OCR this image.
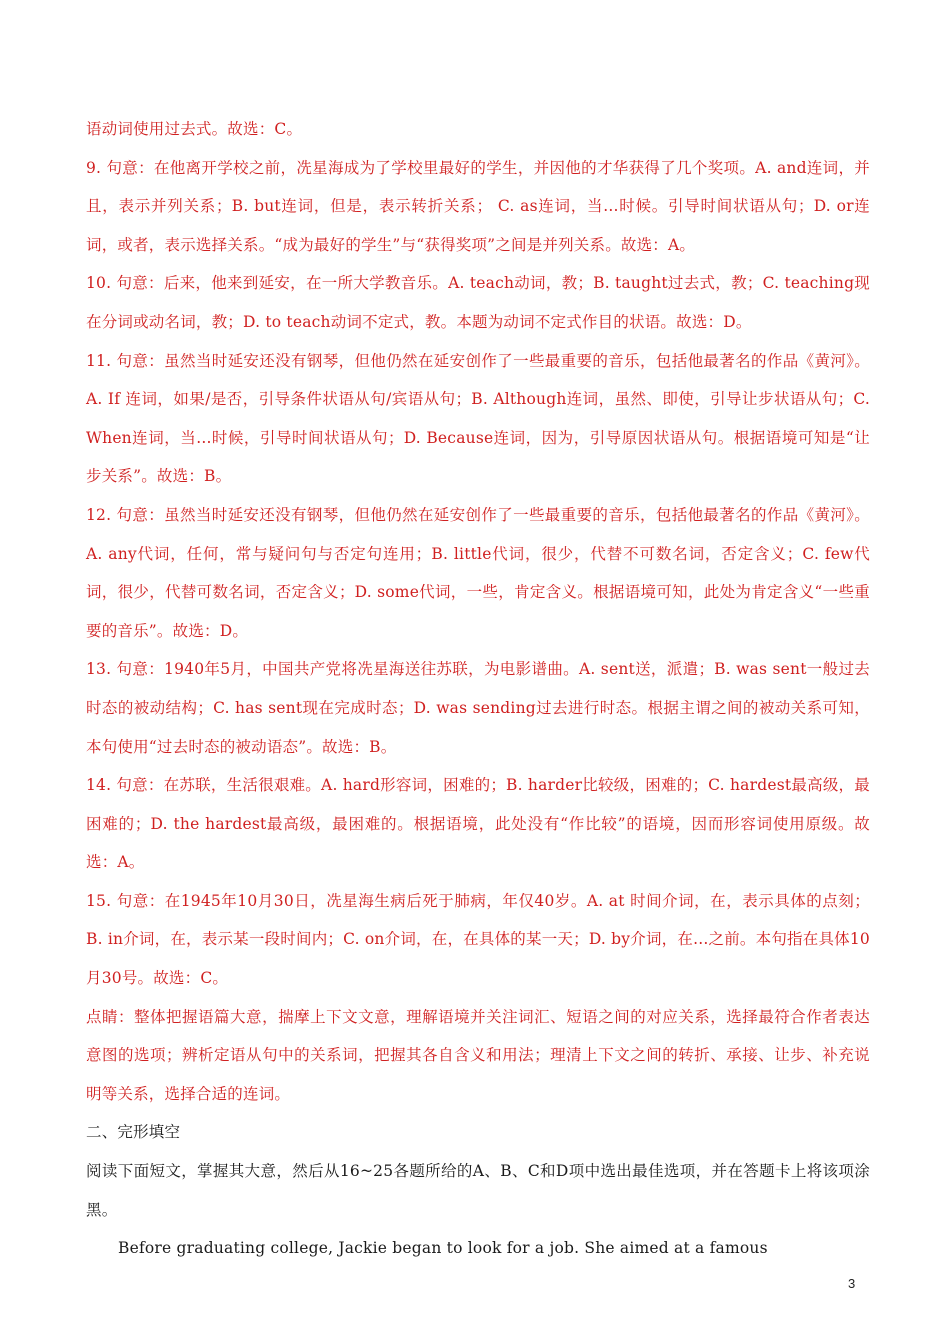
语动词使用过去式。故选：C。

9. 句意：在他离开学校之前，冼星海成为了学校里最好的学生，并因他的才华获得了几个奖项。A. and连词，并且，表示并列关系；B. but连词，但是，表示转折关系； C. as连词，当...时候。引导时间状语从句；D. or连词，或者，表示选择关系。“成为最好的学生”与“获得奖项”之间是并列关系。故选：A。

10. 句意：后来，他来到延安，在一所大学教音乐。A. teach动词，教；B. taught过去式，教；C. teaching现在分词或动名词，教；D. to teach动词不定式，教。本题为动词不定式作目的状语。故选：D。

11. 句意：虽然当时延安还没有钢琴，但他仍然在延安创作了一些最重要的音乐，包括他最著名的作品《黄河》。A. If 连词，如果/是否，引导条件状语从句/宾语从句；B. Although连词，虽然、即使，引导让步状语从句；C. When连词，当...时候，引导时间状语从句；D. Because连词，因为，引导原因状语从句。根据语境可知是“让步关系”。故选：B。

12. 句意：虽然当时延安还没有钢琴，但他仍然在延安创作了一些最重要的音乐，包括他最著名的作品《黄河》。A. any代词，任何，常与疑问句与否定句连用；B. little代词，很少，代替不可数名词，否定含义；C. few代词，很少，代替可数名词，否定含义；D. some代词，一些，肯定含义。根据语境可知，此处为肯定含义“一些重要的音乐”。故选：D。

13. 句意：1940年5月，中国共产党将冼星海送往苏联，为电影谱曲。A. sent送，派遣；B. was sent一般过去时态的被动结构；C. has sent现在完成时态；D. was sending过去进行时态。根据主谓之间的被动关系可知，本句使用“过去时态的被动语态”。故选：B。

14. 句意：在苏联，生活很艰难。A. hard形容词，困难的；B. harder比较级，困难的；C. hardest最高级，最困难的；D. the hardest最高级，最困难的。根据语境，此处没有“作比较”的语境，因而形容词使用原级。故选：A。

15. 句意：在1945年10月30日，冼星海生病后死于肺病，年仅40岁。A. at 时间介词，在，表示具体的点刻；B. in介词，在，表示某一段时间内；C. on介词，在，在具体的某一天；D. by介词，在...之前。本句指在具体10月30号。故选：C。

点睛：整体把握语篇大意，揣摩上下文文意，理解语境并关注词汇、短语之间的对应关系，选择最符合作者表达意图的选项；辨析定语从句中的关系词，把握其各自含义和用法；理清上下文之间的转折、承接、让步、补充说明等关系，选择合适的连词。

二、完形填空

阅读下面短文，掌握其大意，然后从16~25各题所给的A、B、C和D项中选出最佳选项，并在答题卡上将该项涂黑。

Before graduating college, Jackie began to look for a job. She aimed at a famous

3
